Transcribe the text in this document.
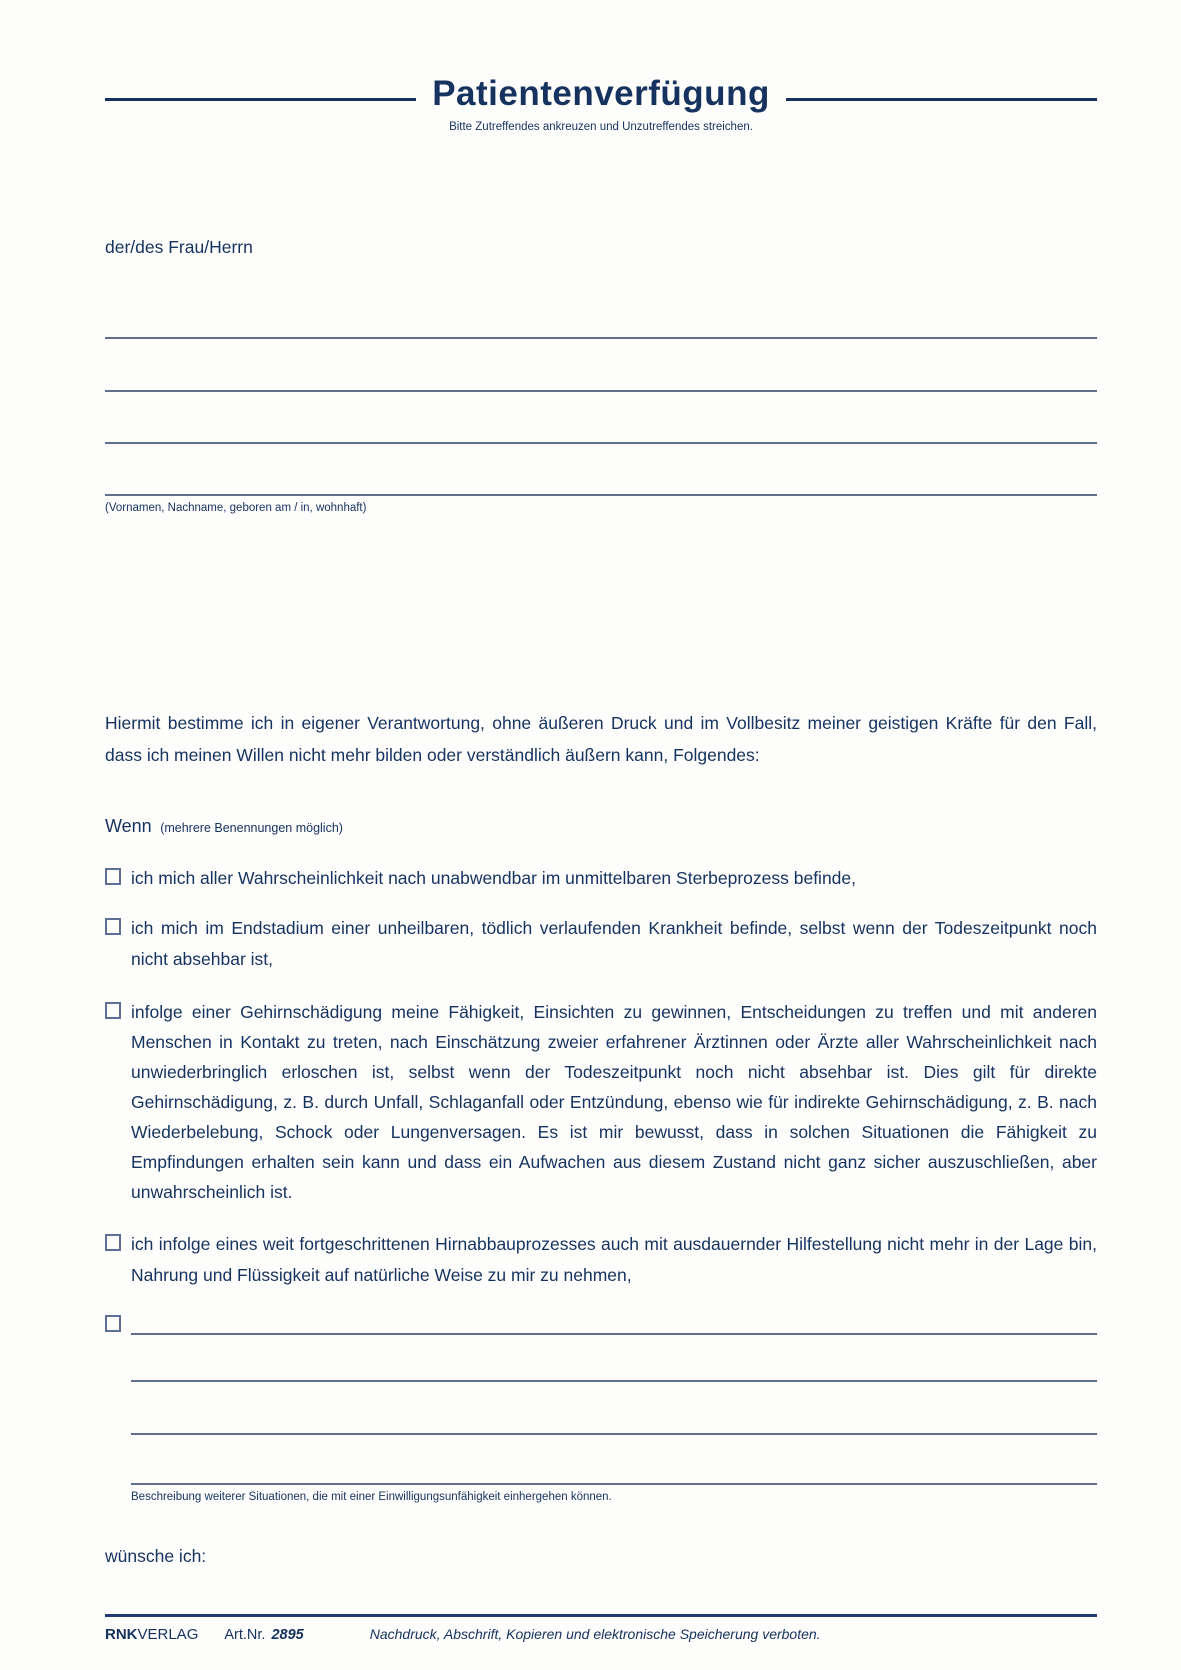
Patientenverfügung
Bitte Zutreffendes ankreuzen und Unzutreffendes streichen.
der/des Frau/Herrn
(Vornamen, Nachname, geboren am / in, wohnhaft)
Hiermit bestimme ich in eigener Verantwortung, ohne äußeren Druck und im Vollbesitz meiner geistigen Kräfte für den Fall, dass ich meinen Willen nicht mehr bilden oder verständlich äußern kann, Folgendes:
Wenn (mehrere Benennungen möglich)
ich mich aller Wahrscheinlichkeit nach unabwendbar im unmittelbaren Sterbeprozess befinde,
ich mich im Endstadium einer unheilbaren, tödlich verlaufenden Krankheit befinde, selbst wenn der Todeszeitpunkt noch nicht absehbar ist,
infolge einer Gehirnschädigung meine Fähigkeit, Einsichten zu gewinnen, Entscheidungen zu treffen und mit anderen Menschen in Kontakt zu treten, nach Einschätzung zweier erfahrener Ärztinnen oder Ärzte aller Wahrscheinlichkeit nach unwiederbringlich erloschen ist, selbst wenn der Todeszeitpunkt noch nicht absehbar ist. Dies gilt für direkte Gehirnschädigung, z. B. durch Unfall, Schlaganfall oder Entzündung, ebenso wie für indirekte Gehirnschädigung, z. B. nach Wiederbelebung, Schock oder Lungenversagen. Es ist mir bewusst, dass in solchen Situationen die Fähigkeit zu Empfindungen erhalten sein kann und dass ein Aufwachen aus diesem Zustand nicht ganz sicher auszuschließen, aber unwahrscheinlich ist.
ich infolge eines weit fortgeschrittenen Hirnabbauprozesses auch mit ausdauernder Hilfestellung nicht mehr in der Lage bin, Nahrung und Flüssigkeit auf natürliche Weise zu mir zu nehmen,
Beschreibung weiterer Situationen, die mit einer Einwilligungsunfähigkeit einhergehen können.
wünsche ich:
RNKVERLAG Art.Nr. 2895	Nachdruck, Abschrift, Kopieren und elektronische Speicherung verboten.
